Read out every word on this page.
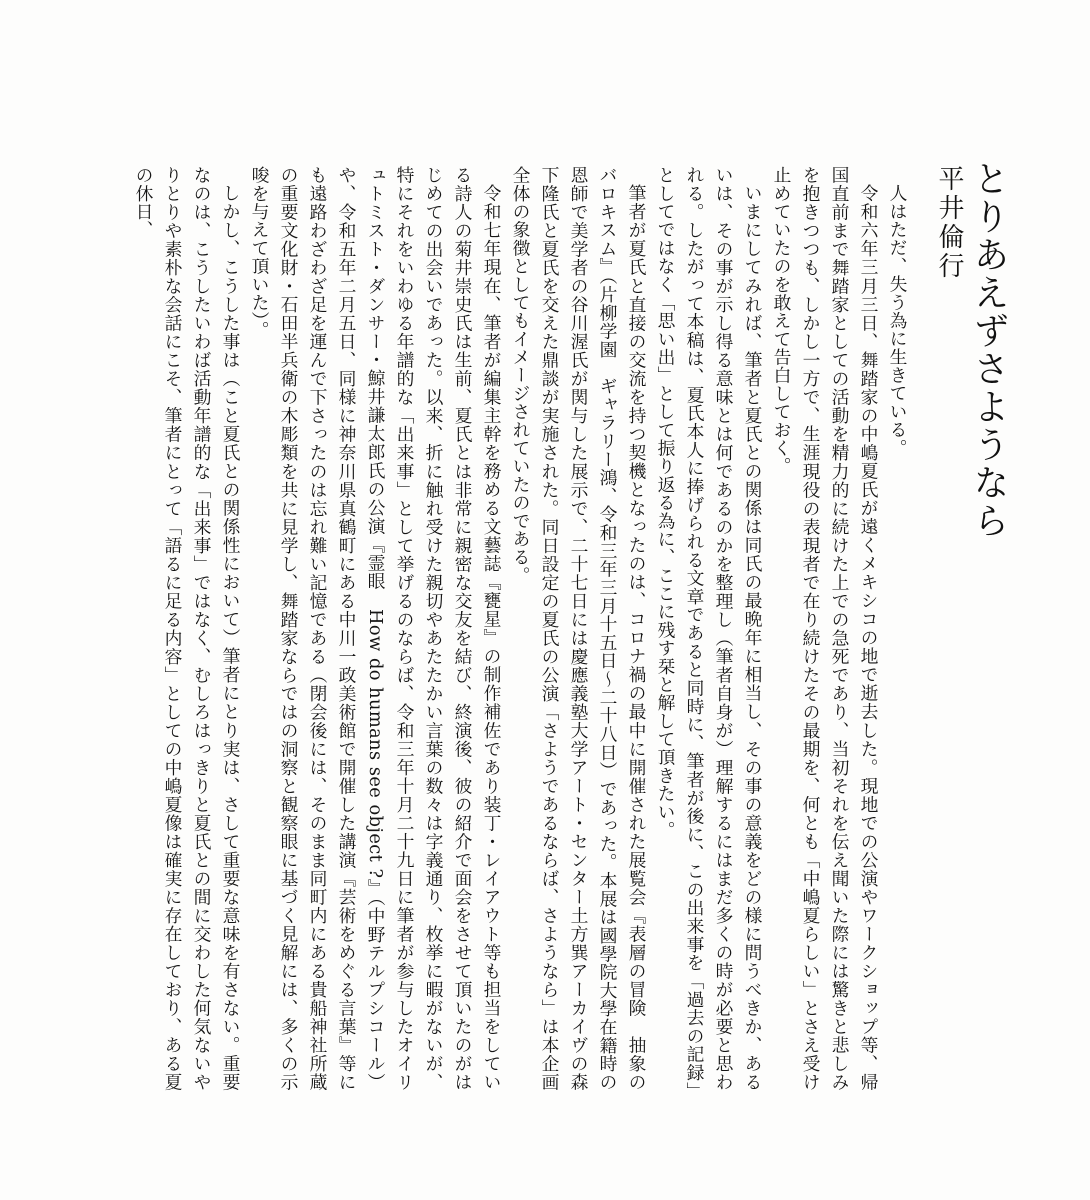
とりあえずさようなら
平井倫行

人はただ、失う為に生きている。

令和六年三月三日、舞踏家の中嶋夏氏が遠くメキシコの地で逝去した。現地での公演やワークショップ等、帰国直前まで舞踏家としての活動を精力的に続けた上での急死であり、当初それを伝え聞いた際には驚きと悲しみを抱きつつも、しかし一方で、生涯現役の表現者で在り続けたその最期を、何とも「中嶋夏らしい」とさえ受け止めていたのを敢えて告白しておく。

いまにしてみれば、筆者と夏氏との関係は同氏の最晩年に相当し、その事の意義をどの様に問うべきか、あるいは、その事が示し得る意味とは何であるのかを整理し（筆者自身が）理解するにはまだ多くの時が必要と思われる。したがって本稿は、夏氏本人に捧げられる文章であると同時に、筆者が後に、この出来事を「過去の記録」としてではなく「思い出」として振り返る為に、ここに残す栞と解して頂きたい。

筆者が夏氏と直接の交流を持つ契機となったのは、コロナ禍の最中に開催された展覧会『表層の冒険　抽象のバロキスム』（片柳学園　ギャラリー鴻、令和三年三月十五日〜二十八日）であった。本展は國學院大學在籍時の恩師で美学者の谷川渥氏が関与した展示で、二十七日には慶應義塾大学アート・センター土方巽アーカイヴの森下隆氏と夏氏を交えた鼎談が実施された。同日設定の夏氏の公演「さようであるならば、さようなら」は本企画全体の象徴としてもイメージされていたのである。

令和七年現在、筆者が編集主幹を務める文藝誌『甕星』の制作補佐であり装丁・レイアウト等も担当をしている詩人の菊井崇史氏は生前、夏氏とは非常に親密な交友を結び、終演後、彼の紹介で面会をさせて頂いたのがはじめての出会いであった。以来、折に触れ受けた親切やあたたかい言葉の数々は字義通り、枚挙に暇がないが、特にそれをいわゆる年譜的な「出来事」として挙げるのならば、令和三年十月二十九日に筆者が参与したオイリュトミスト・ダンサー・鯨井謙太郎氏の公演『霊眼　How do humans see object ?』（中野テルプシコール）や、令和五年二月五日、同様に神奈川県真鶴町にある中川一政美術館で開催した講演『芸術をめぐる言葉』等にも遠路わざわざ足を運んで下さったのは忘れ難い記憶である（閉会後には、そのまま同町内にある貴船神社所蔵の重要文化財・石田半兵衛の木彫類を共に見学し、舞踏家ならではの洞察と観察眼に基づく見解には、多くの示唆を与えて頂いた）。

しかし、こうした事は（こと夏氏との関係性において）筆者にとり実は、さして重要な意味を有さない。重要なのは、こうしたいわば活動年譜的な「出来事」ではなく、むしろはっきりと夏氏との間に交わした何気ないやりとりや素朴な会話にこそ、筆者にとって「語るに足る内容」としての中嶋夏像は確実に存在しており、ある夏の休日、
